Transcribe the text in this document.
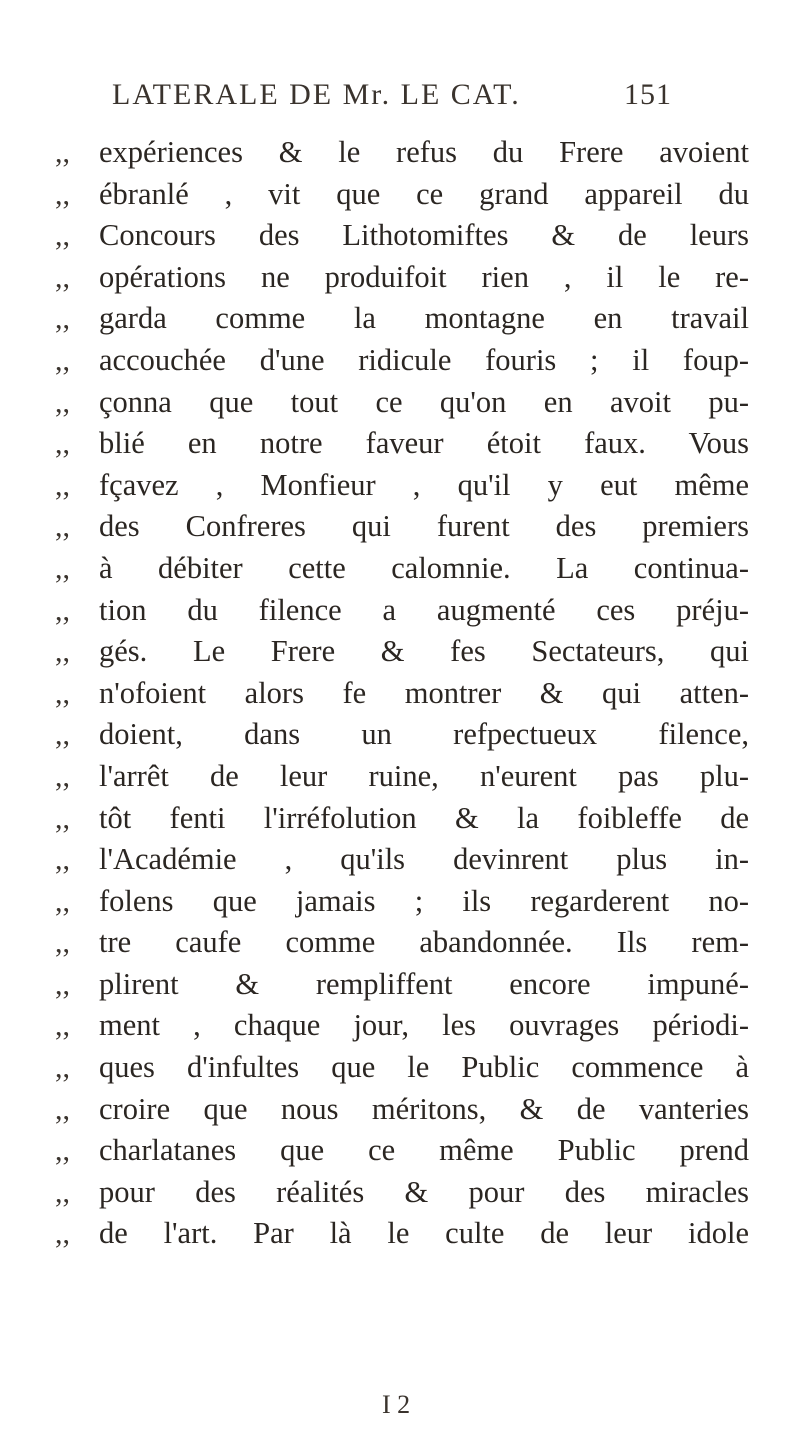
LATERALE DE Mr. LE CAT.	151
,, expériences & le refus du Frere avoient
,, ébranlé , vit que ce grand appareil du
,, Concours des Lithotomiftes & de leurs
,, opérations ne produifoit rien , il le re-
,, garda comme la montagne en travail
,, accouchée d'une ridicule fouris ; il foup-
,, çonna que tout ce qu'on en avoit pu-
,, blié en notre faveur étoit faux. Vous
,, fçavez , Monfieur , qu'il y eut même
,, des Confreres qui furent des premiers
,, à débiter cette calomnie. La continua-
,, tion du filence a augmenté ces préju-
,, gés. Le Frere & fes Sectateurs, qui
,, n'ofoient alors fe montrer & qui atten-
,, doient, dans un refpectueux filence,
,, l'arrêt de leur ruine, n'eurent pas plu-
,, tôt fenti l'irréfolution & la foibleffe de
,, l'Académie , qu'ils devinrent plus in-
,, folens que jamais ; ils regarderent no-
,, tre caufe comme abandonnée. Ils rem-
,, plirent & rempliffent encore impuné-
,, ment , chaque jour, les ouvrages périodi-
,, ques d'infultes que le Public commence à
,, croire que nous méritons, & de vanteries
,, charlatanes que ce même Public prend
,, pour des réalités & pour des miracles
,, de l'art. Par là le culte de leur idole
I 2
